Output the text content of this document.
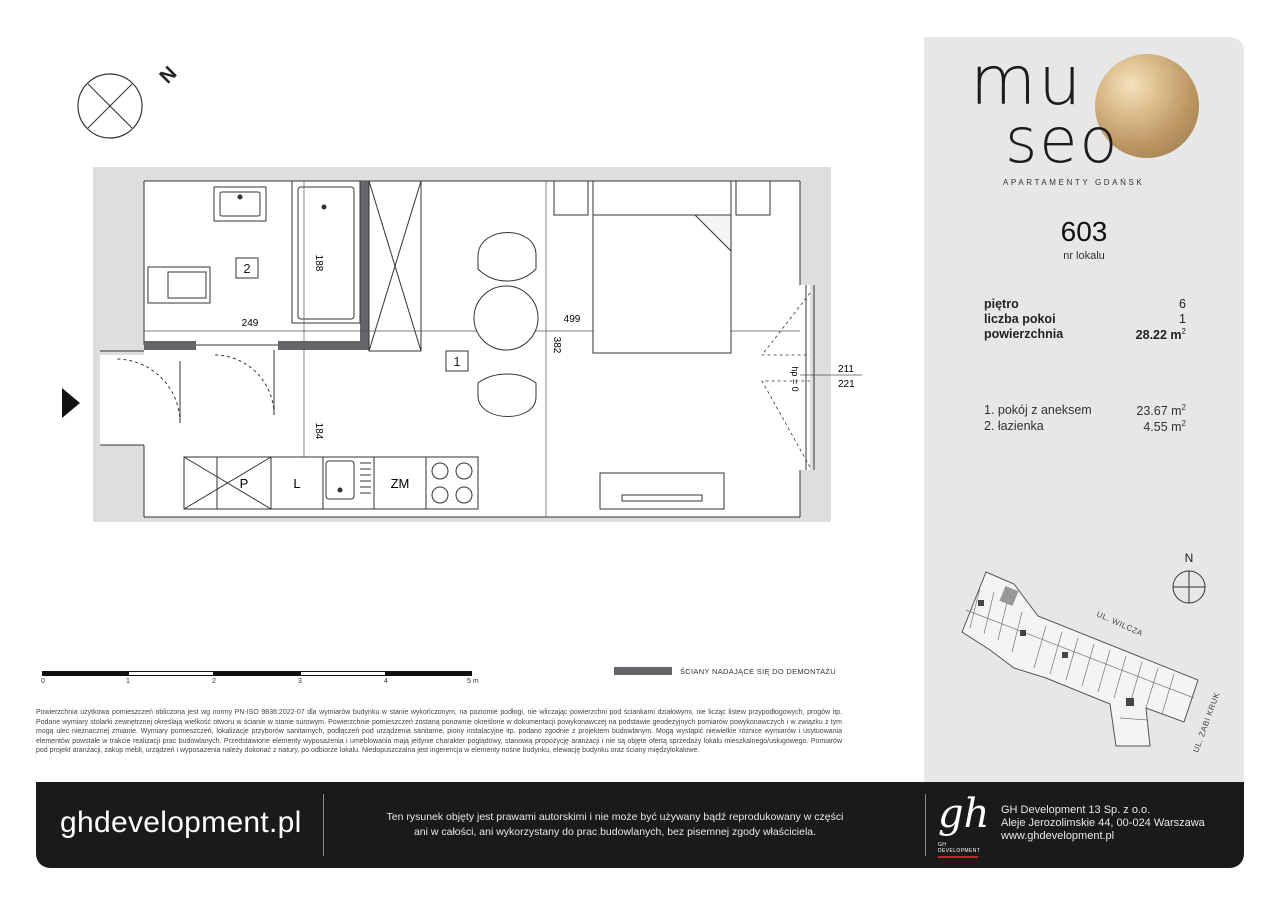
mu
seo
APARTAMENTY GDAŃSK
603
nr lokalu
piętro	6
liczba pokoi	1
powierzchnia	28.22 $m^2$
1. pokój z aneksem	23.67 $m^2$
2. łazienka	4.55 $m^2$
N
UL. WILCZA
UL. ŻABI KRUK
N
2
249	499
188
382
184
211
221
hp = 0
1
P	L	ZM
0	1	2	3	4	5 m
ŚCIANY NADAJĄCE SIĘ DO DEMONTAŻU
Powierzchnia użytkowa pomieszczeń obliczona jest wg normy PN-ISO 9836:2022-07 dla wymiarów budynku w stanie wykończonym, na poziomie podłogi, nie wliczając powierzchni pod ściankami działowymi, nie licząc listew przypodłogowych, progów itp. Podane wymiary stolarki zewnętrznej określają wielkość otworu w ścianie w stanie surowym. Powierzchnie pomieszczeń zostaną ponownie określone w dokumentacji powykonawczej na podstawie geodezyjnych pomiarów powykonawczych i w związku z tym mogą ulec nieznacznej zmianie. Wymiary pomieszczeń, lokalizacje przyborów sanitarnych, podłączeń pod urządzenia sanitarne, piony instalacyjne itp. podano zgodnie z projektem budowlanym. Mogą wystąpić niewielkie różnice wymiarów i usytuowania elementów powstałe w trakcie realizacji prac budowlanych. Przedstawione elementy wyposażenia i umeblowania mają jedynie charakter poglądowy, stanowią propozycję aranżacji i nie są objęte ofertą sprzedaży lokalu mieszkalnego/usługowego. Pomiarów pod projekt aranżacji, zakup mebli, urządzeń i wyposażenia należy dokonać z natury, po odbiorze lokalu. Niedopuszczalna jest ingerencja w elementy nośne budynku, elewację budynku oraz ściany międzylokalowe.
ghdevelopment.pl	Ten rysunek objęty jest prawami autorskimi i nie może być używany bądź reprodukowany w części ani w całości, ani wykorzystany do prac budowlanych, bez pisemnej zgody właściciela.	gh
GH DEVELOPMENT
GH Development 13 Sp. z o.o.
Aleje Jerozolimskie 44, 00-024 Warszawa
www.ghdevelopment.pl
